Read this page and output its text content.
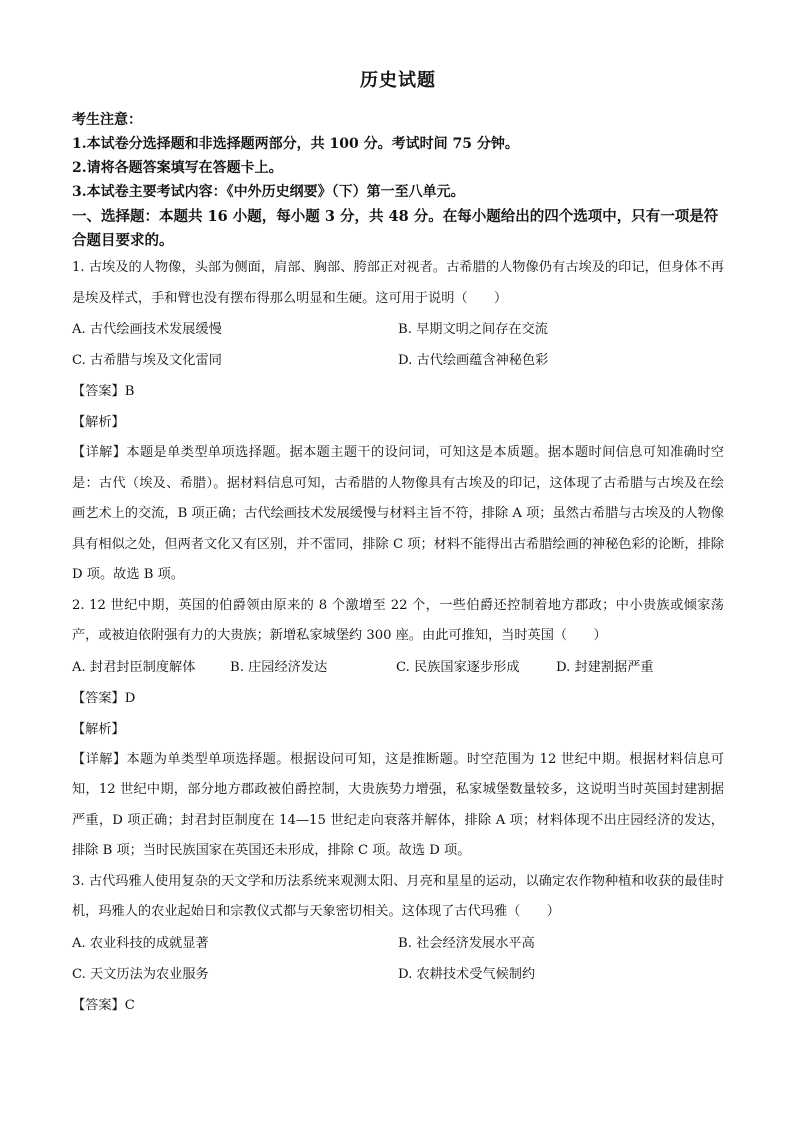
历史试题
考生注意：
1.本试卷分选择题和非选择题两部分，共 100 分。考试时间 75 分钟。
2.请将各题答案填写在答题卡上。
3.本试卷主要考试内容：《中外历史纲要》（下）第一至八单元。
一、选择题：本题共 16 小题，每小题 3 分，共 48 分。在每小题给出的四个选项中，只有一项是符合题目要求的。
1. 古埃及的人物像，头部为侧面，肩部、胸部、胯部正对视者。古希腊的人物像仍有古埃及的印记，但身体不再是埃及样式，手和臂也没有摆布得那么明显和生硬。这可用于说明（　　）
A. 古代绘画技术发展缓慢	B. 早期文明之间存在交流
C. 古希腊与埃及文化雷同	D. 古代绘画蕴含神秘色彩
【答案】B
【解析】
【详解】本题是单类型单项选择题。据本题主题干的设问词，可知这是本质题。据本题时间信息可知准确时空是：古代（埃及、希腊）。据材料信息可知，古希腊的人物像具有古埃及的印记，这体现了古希腊与古埃及在绘画艺术上的交流，B 项正确；古代绘画技术发展缓慢与材料主旨不符，排除 A 项；虽然古希腊与古埃及的人物像具有相似之处，但两者文化又有区别，并不雷同，排除 C 项；材料不能得出古希腊绘画的神秘色彩的论断，排除 D 项。故选 B 项。
2. 12 世纪中期，英国的伯爵领由原来的 8 个激增至 22 个，一些伯爵还控制着地方郡政；中小贵族或倾家荡产，或被迫依附强有力的大贵族；新增私家城堡约 300 座。由此可推知，当时英国（　　）
A. 封君封臣制度解体	B. 庄园经济发达	C. 民族国家逐步形成	D. 封建割据严重
【答案】D
【解析】
【详解】本题为单类型单项选择题。根据设问可知，这是推断题。时空范围为 12 世纪中期。根据材料信息可知，12 世纪中期，部分地方郡政被伯爵控制，大贵族势力增强，私家城堡数量较多，这说明当时英国封建割据严重，D 项正确；封君封臣制度在 14—15 世纪走向衰落并解体，排除 A 项；材料体现不出庄园经济的发达，排除 B 项；当时民族国家在英国还未形成，排除 C 项。故选 D 项。
3. 古代玛雅人使用复杂的天文学和历法系统来观测太阳、月亮和星星的运动，以确定农作物种植和收获的最佳时机，玛雅人的农业起始日和宗教仪式都与天象密切相关。这体现了古代玛雅（　　）
A. 农业科技的成就显著	B. 社会经济发展水平高
C. 天文历法为农业服务	D. 农耕技术受气候制约
【答案】C
